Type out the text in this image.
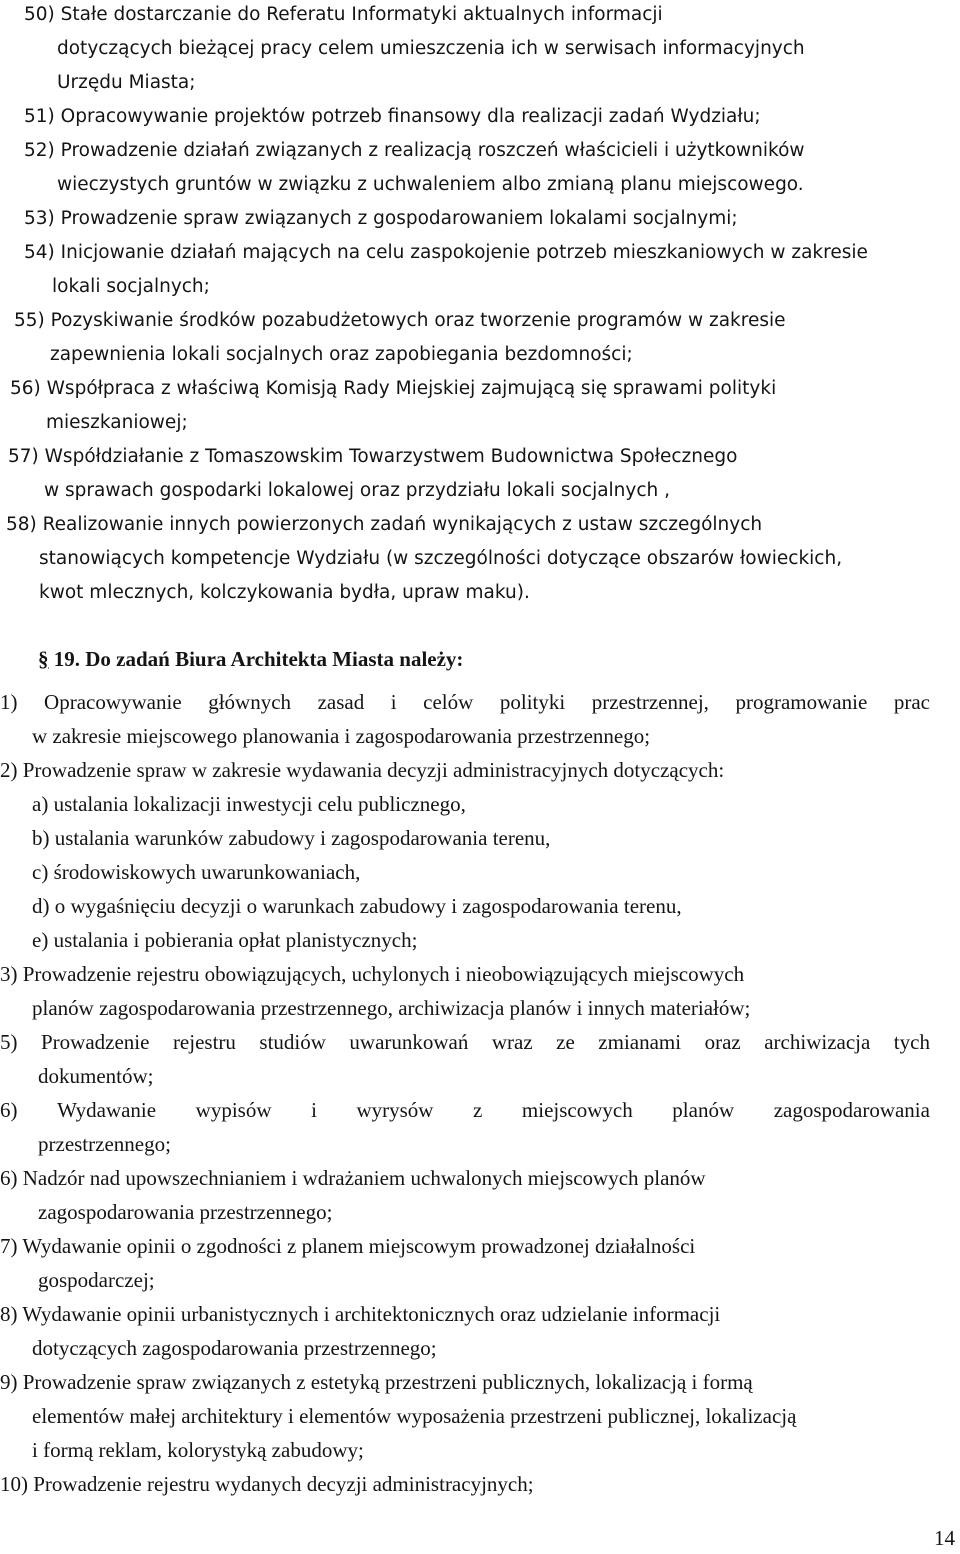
50) Stałe dostarczanie do Referatu Informatyki aktualnych informacji
dotyczących bieżącej pracy celem umieszczenia ich w serwisach informacyjnych
Urzędu Miasta;
51) Opracowywanie projektów potrzeb finansowy dla realizacji zadań Wydziału;
52) Prowadzenie działań związanych z realizacją roszczeń właścicieli i użytkowników
wieczystych gruntów w związku z uchwaleniem albo zmianą planu miejscowego.
53) Prowadzenie spraw związanych z gospodarowaniem lokalami socjalnymi;
54) Inicjowanie działań mających na celu zaspokojenie potrzeb mieszkaniowych w zakresie
lokali socjalnych;
55) Pozyskiwanie środków pozabudżetowych oraz tworzenie programów w zakresie
zapewnienia lokali socjalnych oraz zapobiegania bezdomności;
56) Współpraca z właściwą Komisją Rady Miejskiej zajmującą się sprawami polityki
mieszkaniowej;
57) Współdziałanie z Tomaszowskim Towarzystwem Budownictwa Społecznego
w sprawach gospodarki lokalowej oraz przydziału lokali socjalnych ,
58) Realizowanie innych powierzonych zadań wynikających z ustaw szczególnych
stanowiących kompetencje Wydziału (w szczególności dotyczące obszarów łowieckich,
kwot mlecznych, kolczykowania bydła, upraw maku).
§ 19. Do zadań Biura Architekta Miasta należy:
1) Opracowywanie głównych zasad i celów polityki przestrzennej, programowanie prac
w zakresie miejscowego planowania i zagospodarowania przestrzennego;
2) Prowadzenie spraw w zakresie wydawania decyzji administracyjnych dotyczących:
a) ustalania lokalizacji inwestycji celu publicznego,
b) ustalania warunków zabudowy i zagospodarowania terenu,
c) środowiskowych uwarunkowaniach,
d) o wygaśnięciu decyzji o warunkach zabudowy i zagospodarowania terenu,
e) ustalania i pobierania opłat planistycznych;
3) Prowadzenie rejestru obowiązujących, uchylonych i nieobowiązujących miejscowych
planów zagospodarowania przestrzennego, archiwizacja planów i innych materiałów;
5) Prowadzenie rejestru studiów uwarunkowań wraz ze zmianami oraz archiwizacja tych
dokumentów;
6) Wydawanie wypisów i wyrysów z miejscowych planów zagospodarowania
przestrzennego;
6) Nadzór nad upowszechnianiem i wdrażaniem uchwalonych miejscowych planów
zagospodarowania przestrzennego;
7) Wydawanie opinii o zgodności z planem miejscowym prowadzonej działalności
gospodarczej;
8) Wydawanie opinii urbanistycznych i architektonicznych oraz udzielanie informacji
dotyczących zagospodarowania przestrzennego;
9) Prowadzenie spraw związanych z estetyką przestrzeni publicznych, lokalizacją i formą
elementów małej architektury i elementów wyposażenia przestrzeni publicznej, lokalizacją
i formą reklam, kolorystyką zabudowy;
10) Prowadzenie rejestru wydanych decyzji administracyjnych;
14
